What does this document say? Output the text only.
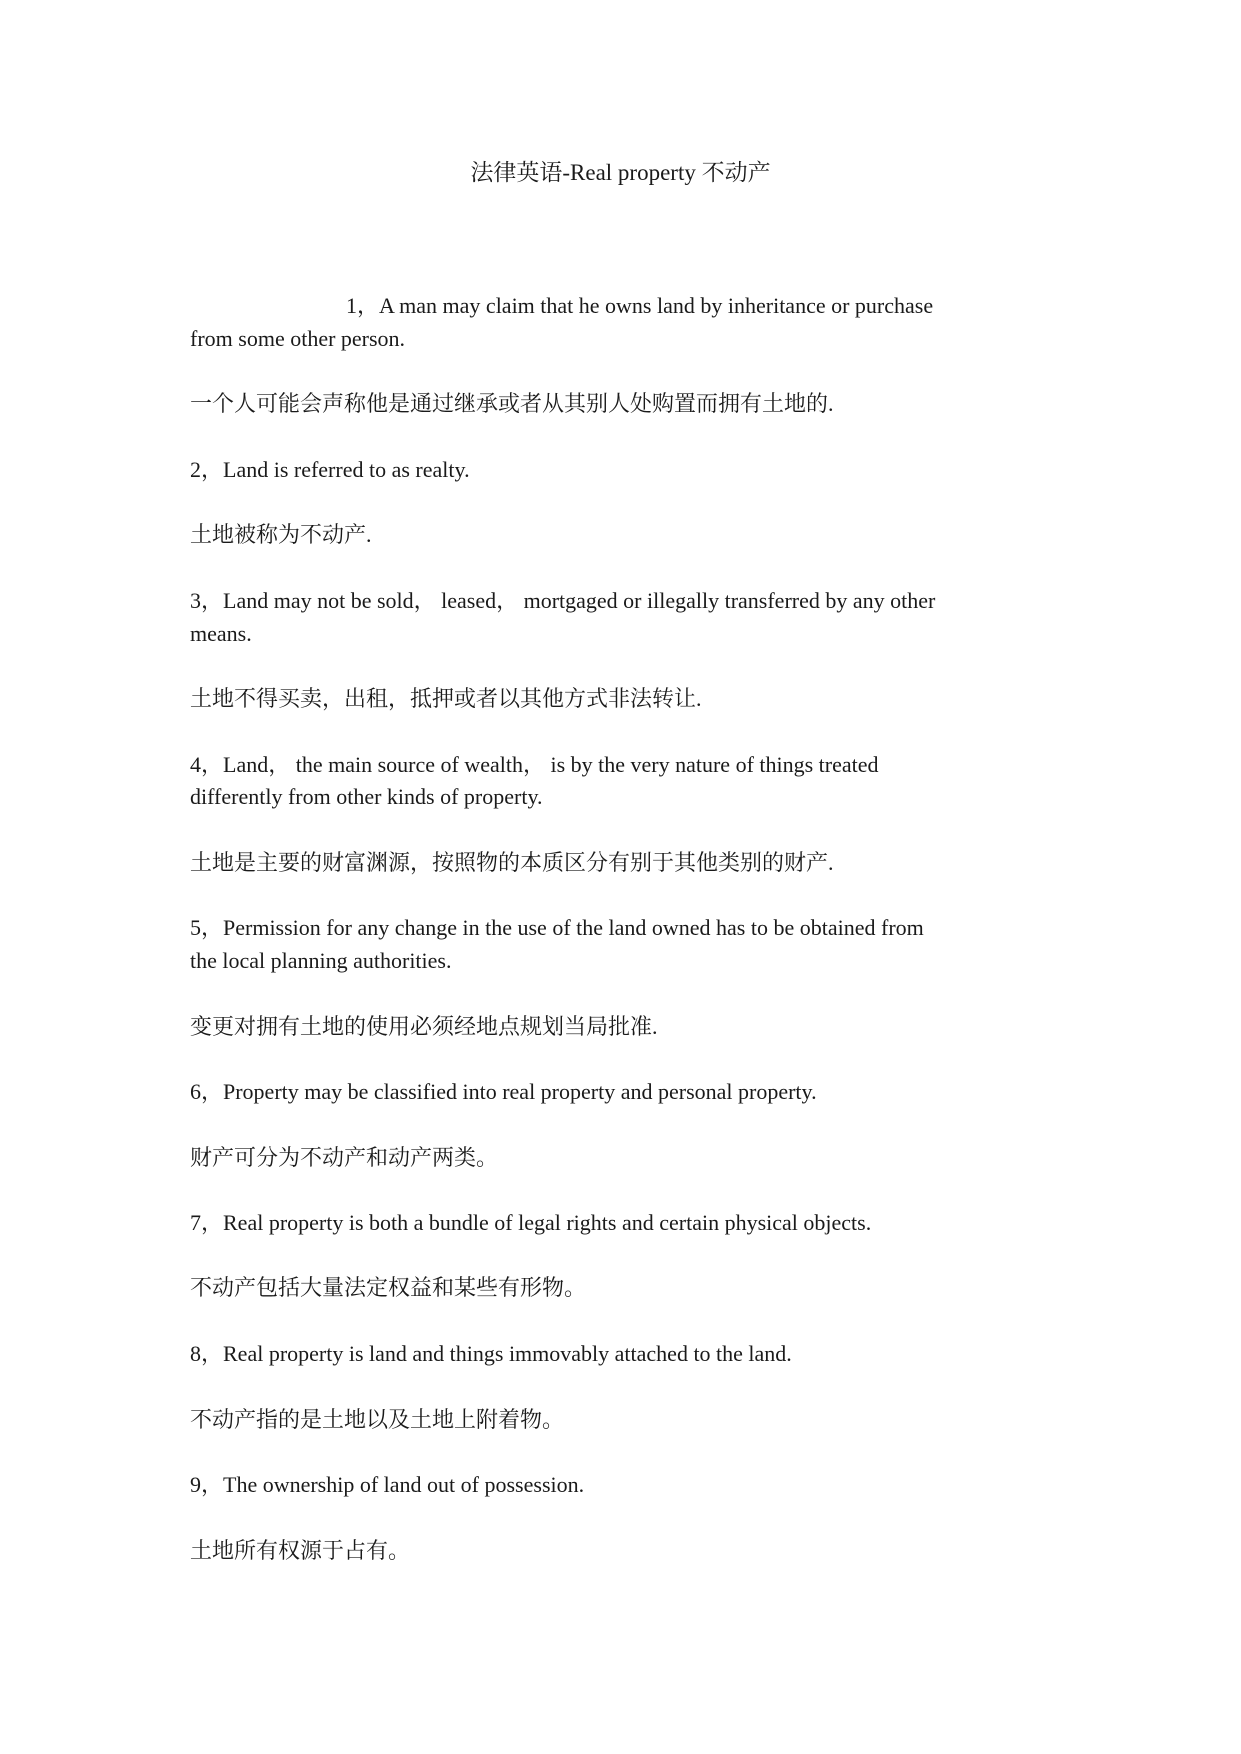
法律英语-Real property 不动产
1，A man may claim that he owns land by inheritance or purchase
from some other person.
一个人可能会声称他是通过继承或者从其别人处购置而拥有土地的.
2，Land is referred to as realty.
土地被称为不动产.
3，Land may not be sold， leased， mortgaged or illegally transferred by any other
means.
土地不得买卖，出租，抵押或者以其他方式非法转让.
4，Land， the main source of wealth， is by the very nature of things treated
differently from other kinds of property.
土地是主要的财富渊源，按照物的本质区分有别于其他类别的财产.
5，Permission for any change in the use of the land owned has to be obtained from
the local planning authorities.
变更对拥有土地的使用必须经地点规划当局批准.
6，Property may be classified into real property and personal property.
财产可分为不动产和动产两类。
7，Real property is both a bundle of legal rights and certain physical objects.
不动产包括大量法定权益和某些有形物。
8，Real property is land and things immovably attached to the land.
不动产指的是土地以及土地上附着物。
9，The ownership of land out of possession.
土地所有权源于占有。
